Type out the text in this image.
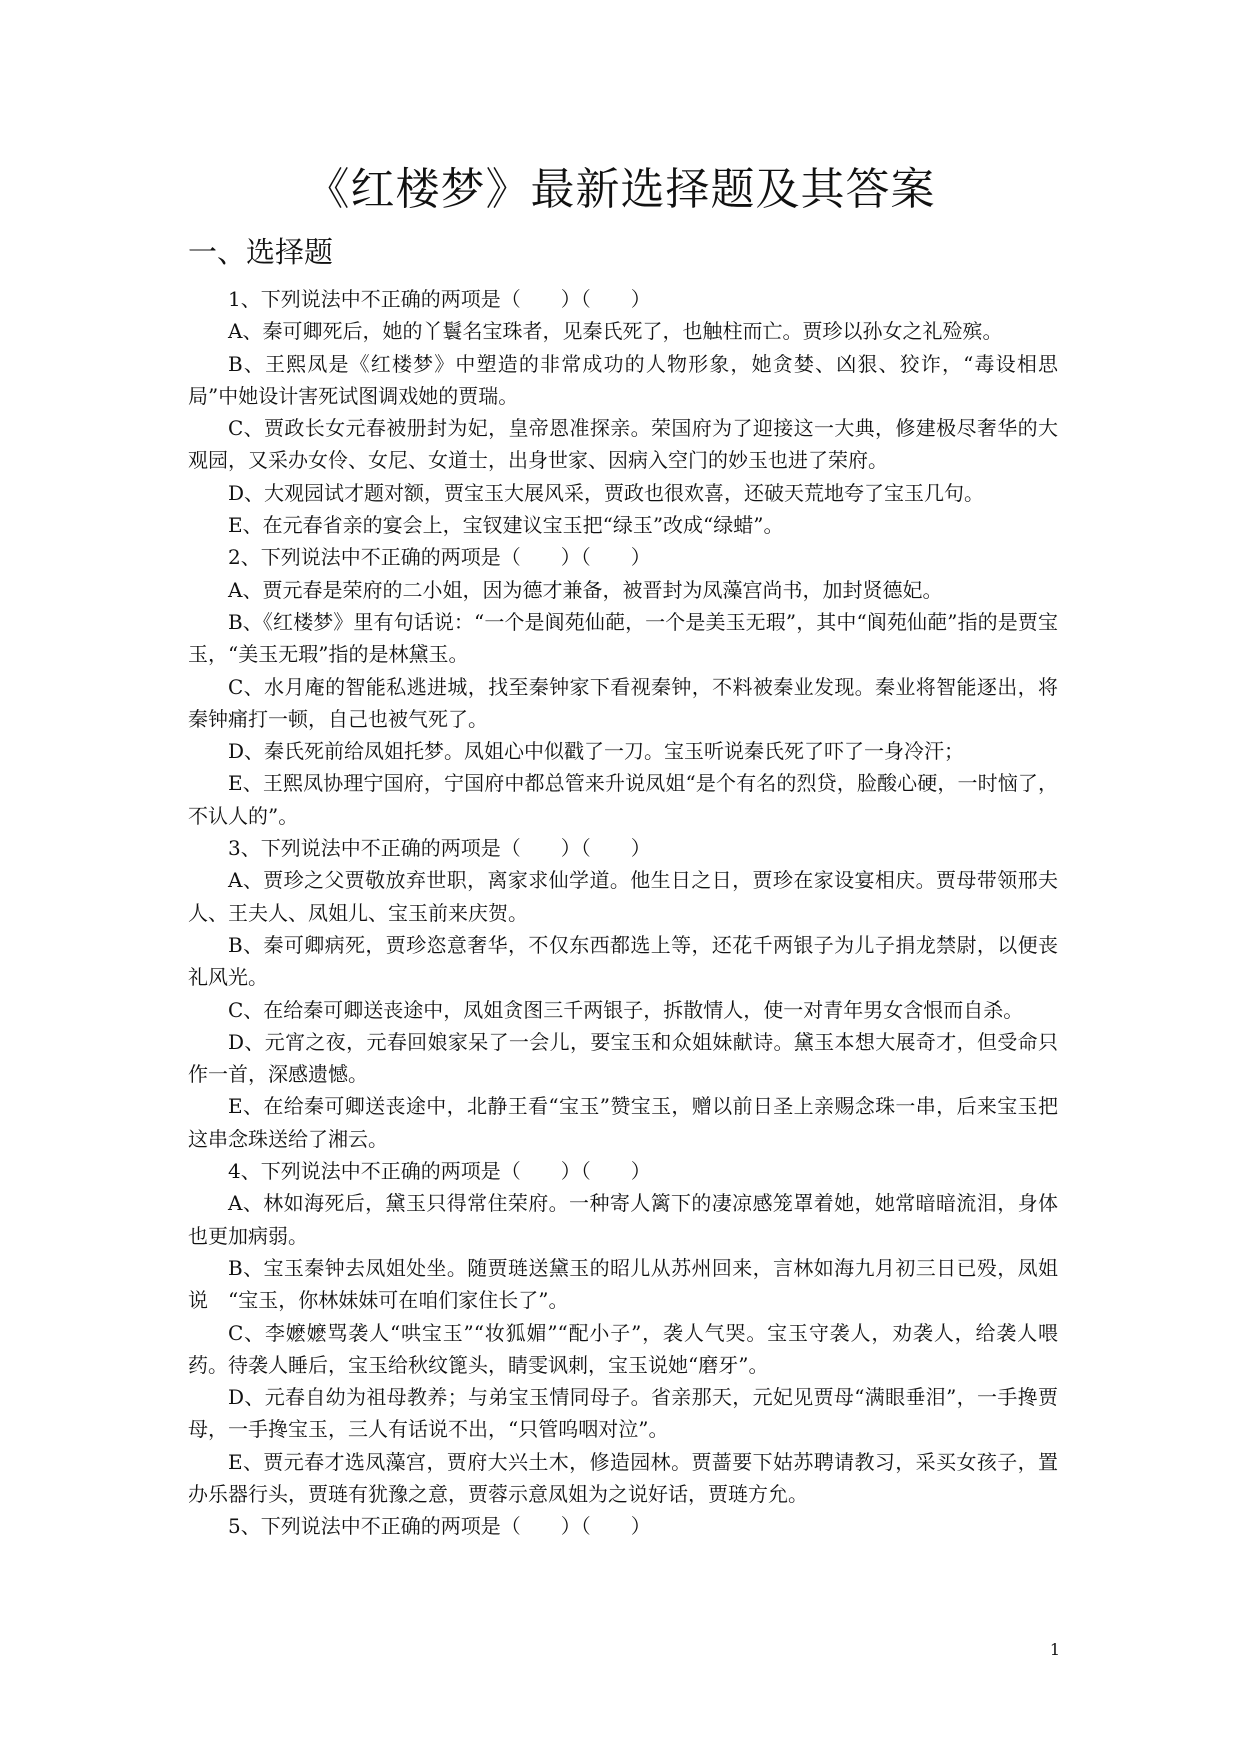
《红楼梦》最新选择题及其答案
一、选择题

1、下列说法中不正确的两项是（　　）（　　）

A、秦可卿死后，她的丫鬟名宝珠者，见秦氏死了，也触柱而亡。贾珍以孙女之礼殓殡。

B、王熙凤是《红楼梦》中塑造的非常成功的人物形象，她贪婪、凶狠、狡诈，“毒设相思局”中她设计害死试图调戏她的贾瑞。

C、贾政长女元春被册封为妃，皇帝恩准探亲。荣国府为了迎接这一大典，修建极尽奢华的大观园，又采办女伶、女尼、女道士，出身世家、因病入空门的妙玉也进了荣府。

D、大观园试才题对额，贾宝玉大展风采，贾政也很欢喜，还破天荒地夸了宝玉几句。

E、在元春省亲的宴会上，宝钗建议宝玉把“绿玉”改成“绿蜡”。

2、下列说法中不正确的两项是（　　）（　　）

A、贾元春是荣府的二小姐，因为德才兼备，被晋封为凤藻宫尚书，加封贤德妃。

B、《红楼梦》里有句话说：“一个是阆苑仙葩，一个是美玉无瑕”，其中“阆苑仙葩”指的是贾宝玉，“美玉无瑕”指的是林黛玉。

C、水月庵的智能私逃进城，找至秦钟家下看视秦钟，不料被秦业发现。秦业将智能逐出，将秦钟痛打一顿，自己也被气死了。

D、秦氏死前给凤姐托梦。凤姐心中似戳了一刀。宝玉听说秦氏死了吓了一身冷汗；

E、王熙凤协理宁国府，宁国府中都总管来升说凤姐“是个有名的烈贷，脸酸心硬，一时恼了，不认人的”。

3、下列说法中不正确的两项是（　　）（　　）

A、贾珍之父贾敬放弃世职，离家求仙学道。他生日之日，贾珍在家设宴相庆。贾母带领邢夫人、王夫人、凤姐儿、宝玉前来庆贺。

B、秦可卿病死，贾珍恣意奢华，不仅东西都选上等，还花千两银子为儿子捐龙禁尉，以便丧礼风光。

C、在给秦可卿送丧途中，凤姐贪图三千两银子，拆散情人，使一对青年男女含恨而自杀。

D、元宵之夜，元春回娘家呆了一会儿，要宝玉和众姐妹献诗。黛玉本想大展奇才，但受命只作一首，深感遗憾。

E、在给秦可卿送丧途中，北静王看“宝玉”赞宝玉，赠以前日圣上亲赐念珠一串，后来宝玉把这串念珠送给了湘云。

4、下列说法中不正确的两项是（　　）（　　）

A、林如海死后，黛玉只得常住荣府。一种寄人篱下的凄凉感笼罩着她，她常暗暗流泪，身体也更加病弱。

B、宝玉秦钟去凤姐处坐。随贾琏送黛玉的昭儿从苏州回来，言林如海九月初三日已殁，凤姐说　“宝玉，你林妹妹可在咱们家住长了”。

C、李嬷嬷骂袭人“哄宝玉”“妆狐媚”“配小子”，袭人气哭。宝玉守袭人，劝袭人，给袭人喂药。待袭人睡后，宝玉给秋纹篦头，睛雯讽刺，宝玉说她“磨牙”。

D、元春自幼为祖母教养；与弟宝玉情同母子。省亲那天，元妃见贾母“满眼垂泪”，一手搀贾母，一手搀宝玉，三人有话说不出，“只管呜咽对泣”。

E、贾元春才选凤藻宫，贾府大兴土木，修造园林。贾蔷要下姑苏聘请教习，采买女孩子，置办乐器行头，贾琏有犹豫之意，贾蓉示意凤姐为之说好话，贾琏方允。

5、下列说法中不正确的两项是（　　）（　　）

1
